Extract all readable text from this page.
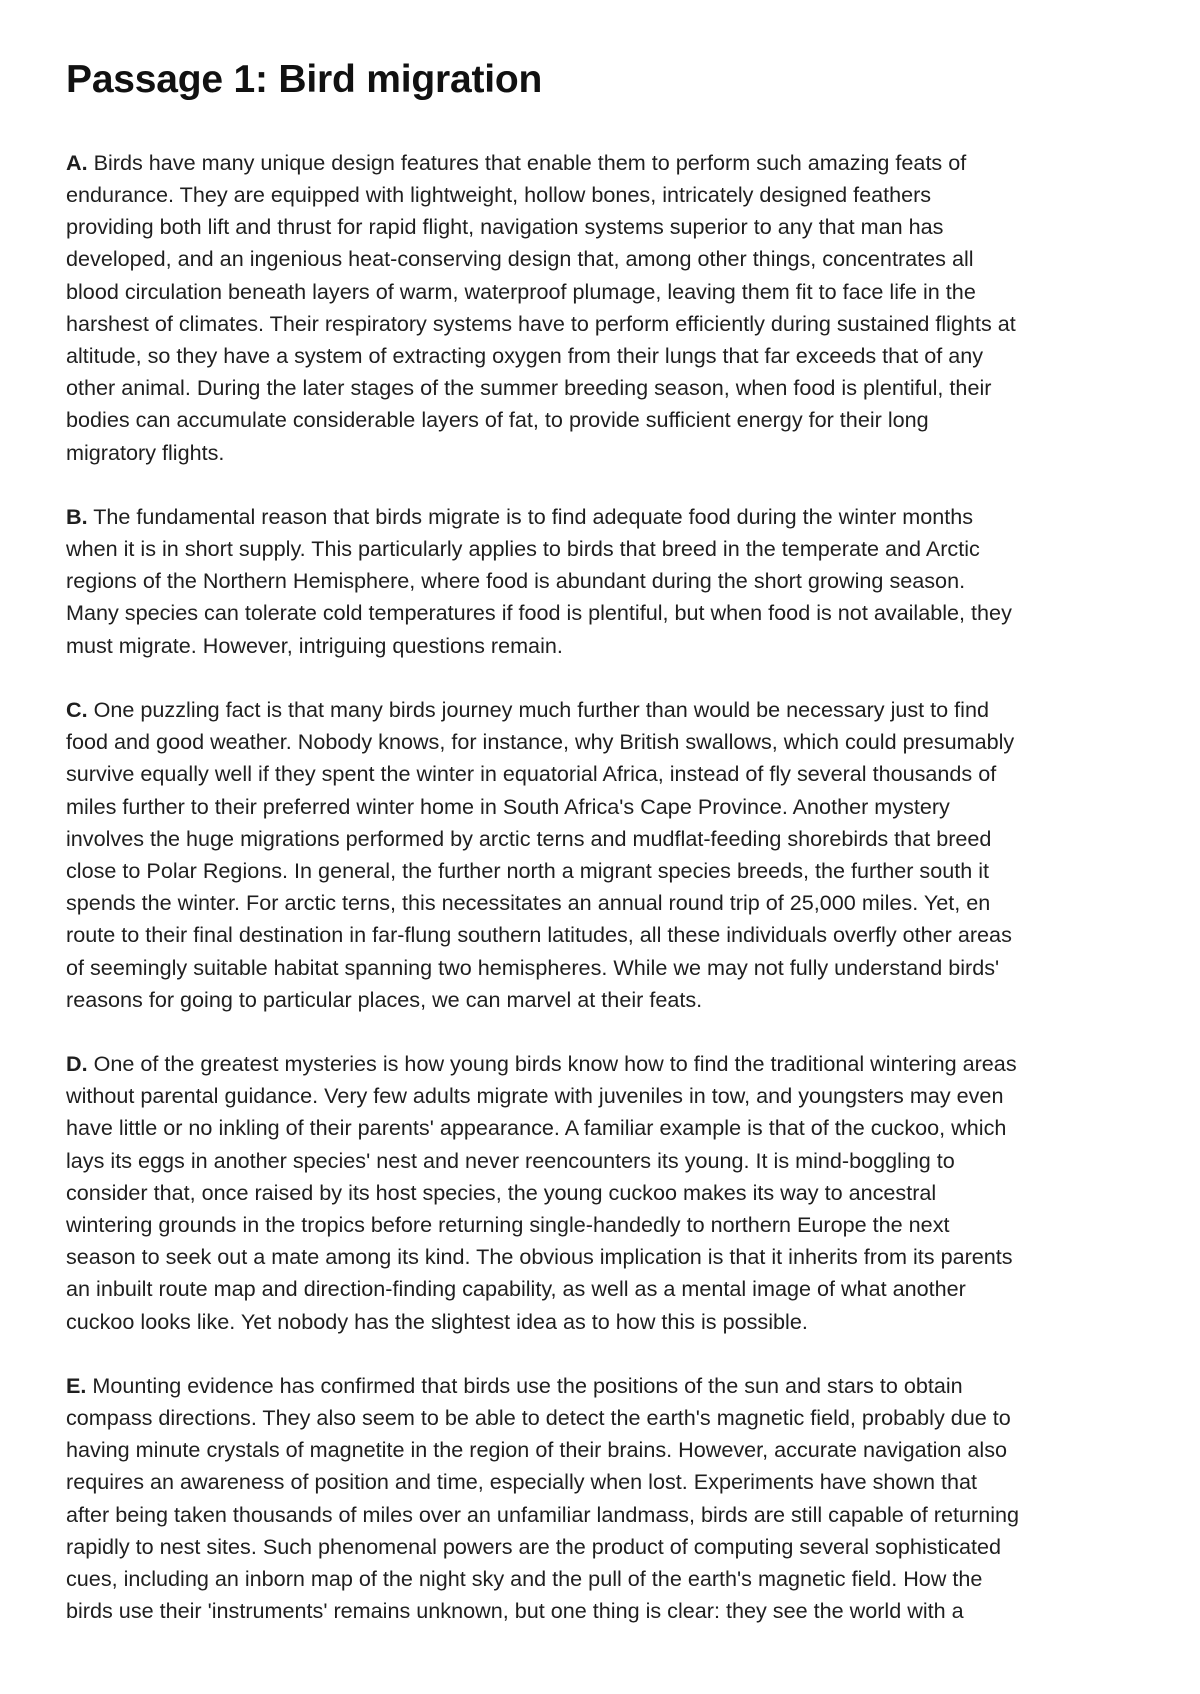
Passage 1: Bird migration

A. Birds have many unique design features that enable them to perform such amazing feats of
endurance. They are equipped with lightweight, hollow bones, intricately designed feathers
providing both lift and thrust for rapid flight, navigation systems superior to any that man has
developed, and an ingenious heat-conserving design that, among other things, concentrates all
blood circulation beneath layers of warm, waterproof plumage, leaving them fit to face life in the
harshest of climates. Their respiratory systems have to perform efficiently during sustained flights at
altitude, so they have a system of extracting oxygen from their lungs that far exceeds that of any
other animal. During the later stages of the summer breeding season, when food is plentiful, their
bodies can accumulate considerable layers of fat, to provide sufficient energy for their long
migratory flights.

B. The fundamental reason that birds migrate is to find adequate food during the winter months
when it is in short supply. This particularly applies to birds that breed in the temperate and Arctic
regions of the Northern Hemisphere, where food is abundant during the short growing season.
Many species can tolerate cold temperatures if food is plentiful, but when food is not available, they
must migrate. However, intriguing questions remain.

C. One puzzling fact is that many birds journey much further than would be necessary just to find
food and good weather. Nobody knows, for instance, why British swallows, which could presumably
survive equally well if they spent the winter in equatorial Africa, instead of fly several thousands of
miles further to their preferred winter home in South Africa's Cape Province. Another mystery
involves the huge migrations performed by arctic terns and mudflat-feeding shorebirds that breed
close to Polar Regions. In general, the further north a migrant species breeds, the further south it
spends the winter. For arctic terns, this necessitates an annual round trip of 25,000 miles. Yet, en
route to their final destination in far-flung southern latitudes, all these individuals overfly other areas
of seemingly suitable habitat spanning two hemispheres. While we may not fully understand birds'
reasons for going to particular places, we can marvel at their feats.

D. One of the greatest mysteries is how young birds know how to find the traditional wintering areas
without parental guidance. Very few adults migrate with juveniles in tow, and youngsters may even
have little or no inkling of their parents' appearance. A familiar example is that of the cuckoo, which
lays its eggs in another species' nest and never reencounters its young. It is mind-boggling to
consider that, once raised by its host species, the young cuckoo makes its way to ancestral
wintering grounds in the tropics before returning single-handedly to northern Europe the next
season to seek out a mate among its kind. The obvious implication is that it inherits from its parents
an inbuilt route map and direction-finding capability, as well as a mental image of what another
cuckoo looks like. Yet nobody has the slightest idea as to how this is possible.

E. Mounting evidence has confirmed that birds use the positions of the sun and stars to obtain
compass directions. They also seem to be able to detect the earth's magnetic field, probably due to
having minute crystals of magnetite in the region of their brains. However, accurate navigation also
requires an awareness of position and time, especially when lost. Experiments have shown that
after being taken thousands of miles over an unfamiliar landmass, birds are still capable of returning
rapidly to nest sites. Such phenomenal powers are the product of computing several sophisticated
cues, including an inborn map of the night sky and the pull of the earth's magnetic field. How the
birds use their 'instruments' remains unknown, but one thing is clear: they see the world with a
